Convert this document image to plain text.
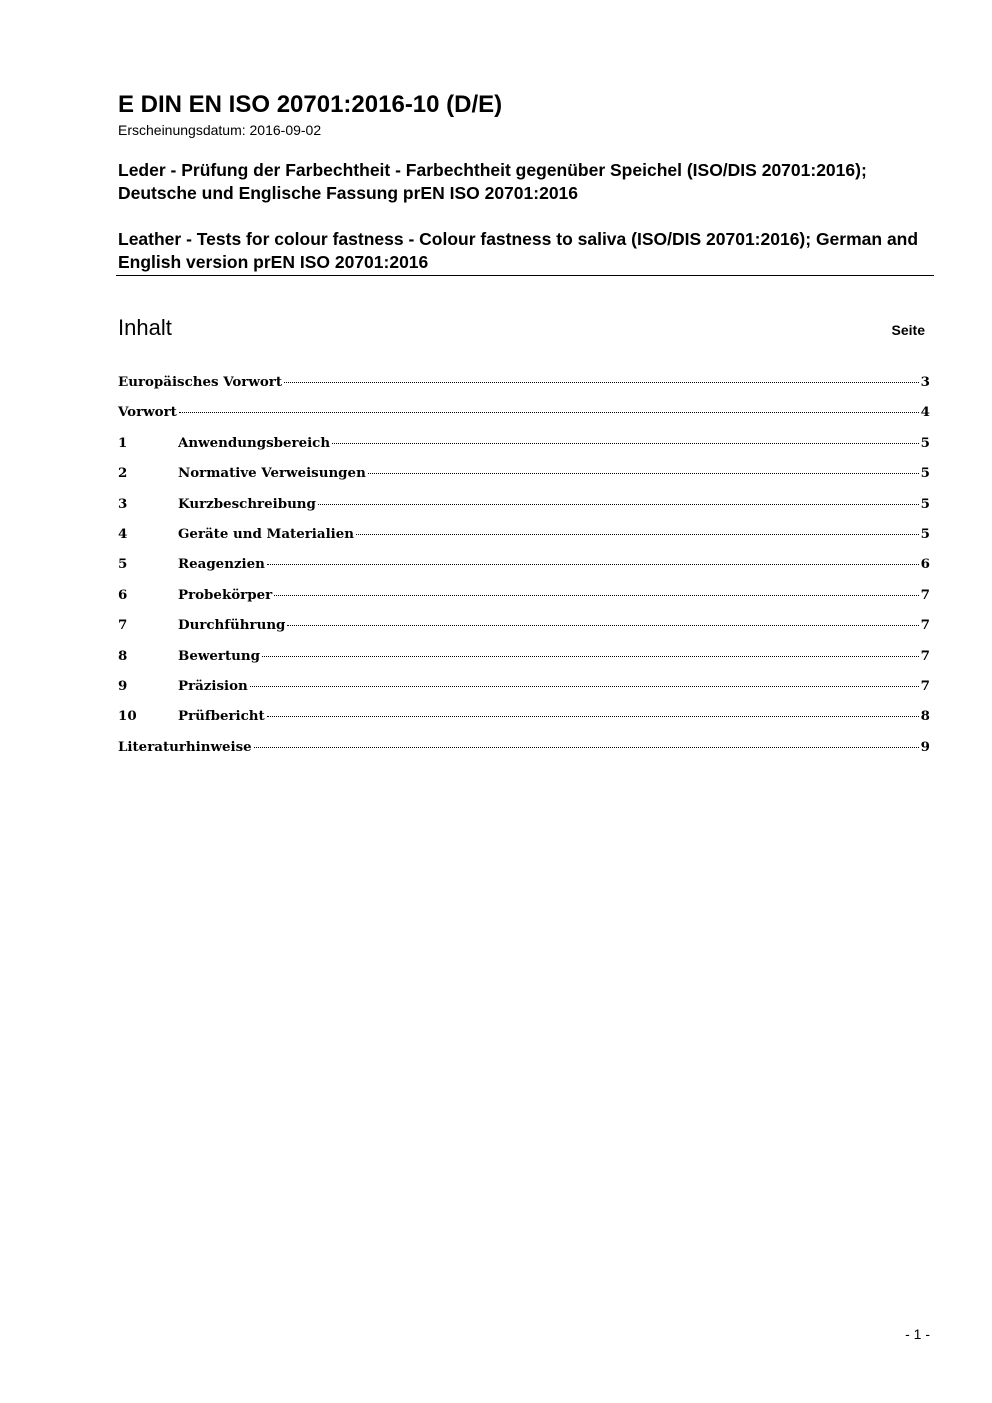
E DIN EN ISO 20701:2016-10 (D/E)
Erscheinungsdatum: 2016-09-02
Leder - Prüfung der Farbechtheit - Farbechtheit gegenüber Speichel (ISO/DIS 20701:2016); Deutsche und Englische Fassung prEN ISO 20701:2016
Leather - Tests for colour fastness - Colour fastness to saliva (ISO/DIS 20701:2016); German and English version prEN ISO 20701:2016
Inhalt	Seite
Europäisches Vorwort	3
Vorwort	4
1	Anwendungsbereich	5
2	Normative Verweisungen	5
3	Kurzbeschreibung	5
4	Geräte und Materialien	5
5	Reagenzien	6
6	Probekörper	7
7	Durchführung	7
8	Bewertung	7
9	Präzision	7
10	Prüfbericht	8
Literaturhinweise	9
- 1 -
